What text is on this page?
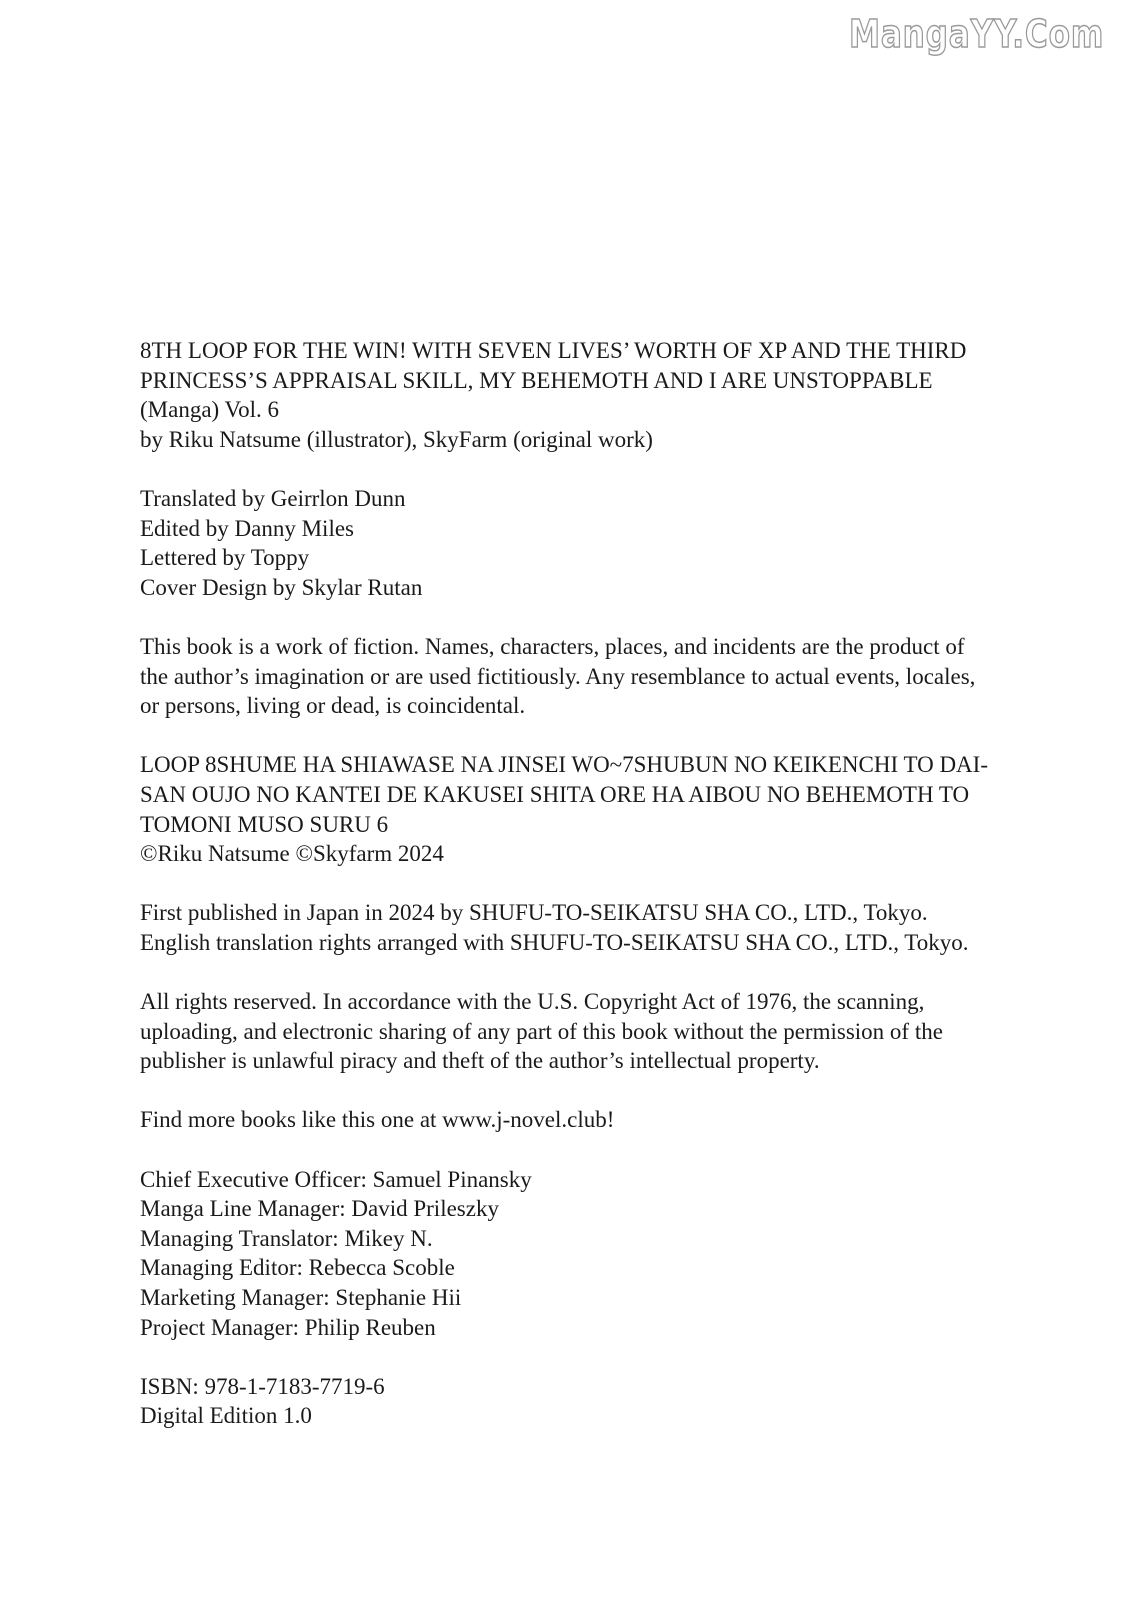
MangaYY.Com
8TH LOOP FOR THE WIN! WITH SEVEN LIVES’ WORTH OF XP AND THE THIRD
PRINCESS’S APPRAISAL SKILL, MY BEHEMOTH AND I ARE UNSTOPPABLE
(Manga) Vol. 6
by Riku Natsume (illustrator), SkyFarm (original work)
Translated by Geirrlon Dunn
Edited by Danny Miles
Lettered by Toppy
Cover Design by Skylar Rutan
This book is a work of fiction. Names, characters, places, and incidents are the product of
the author’s imagination or are used fictitiously. Any resemblance to actual events, locales,
or persons, living or dead, is coincidental.
LOOP 8SHUME HA SHIAWASE NA JINSEI WO~7SHUBUN NO KEIKENCHI TO DAI-
SAN OUJO NO KANTEI DE KAKUSEI SHITA ORE HA AIBOU NO BEHEMOTH TO
TOMONI MUSO SURU 6
©Riku Natsume ©Skyfarm 2024
First published in Japan in 2024 by SHUFU-TO-SEIKATSU SHA CO., LTD., Tokyo.
English translation rights arranged with SHUFU-TO-SEIKATSU SHA CO., LTD., Tokyo.
All rights reserved. In accordance with the U.S. Copyright Act of 1976, the scanning,
uploading, and electronic sharing of any part of this book without the permission of the
publisher is unlawful piracy and theft of the author’s intellectual property.
Find more books like this one at www.j-novel.club!
Chief Executive Officer: Samuel Pinansky
Manga Line Manager: David Prileszky
Managing Translator: Mikey N.
Managing Editor: Rebecca Scoble
Marketing Manager: Stephanie Hii
Project Manager: Philip Reuben
ISBN: 978-1-7183-7719-6
Digital Edition 1.0
